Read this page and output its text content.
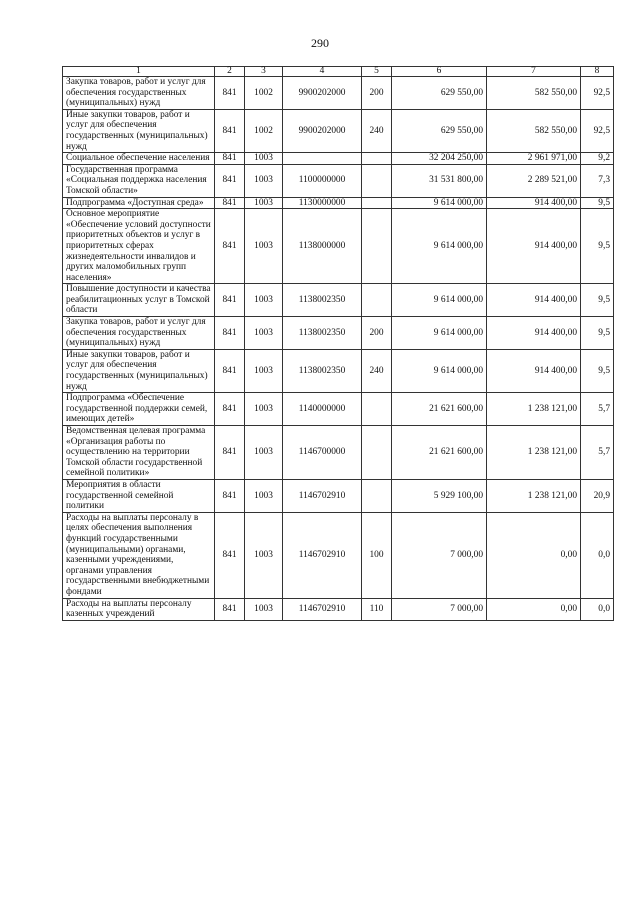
290
1	2	3	4	5	6	7	8
Закупка товаров, работ и услуг для обеспечения государственных (муниципальных) нужд	841	1002	9900202000	200	629 550,00	582 550,00	92,5
Иные закупки товаров, работ и услуг для обеспечения государственных (муниципальных) нужд	841	1002	9900202000	240	629 550,00	582 550,00	92,5
Социальное обеспечение населения	841	1003			32 204 250,00	2 961 971,00	9,2
Государственная программа «Социальная поддержка населения Томской области»	841	1003	1100000000		31 531 800,00	2 289 521,00	7,3
Подпрограмма «Доступная среда»	841	1003	1130000000		9 614 000,00	914 400,00	9,5
Основное мероприятие «Обеспечение условий доступности приоритетных объектов и услуг в приоритетных сферах жизнедеятельности инвалидов и других маломобильных групп населения»	841	1003	1138000000		9 614 000,00	914 400,00	9,5
Повышение доступности и качества реабилитационных услуг в Томской области	841	1003	1138002350		9 614 000,00	914 400,00	9,5
Закупка товаров, работ и услуг для обеспечения государственных (муниципальных) нужд	841	1003	1138002350	200	9 614 000,00	914 400,00	9,5
Иные закупки товаров, работ и услуг для обеспечения государственных (муниципальных) нужд	841	1003	1138002350	240	9 614 000,00	914 400,00	9,5
Подпрограмма «Обеспечение государственной поддержки семей, имеющих детей»	841	1003	1140000000		21 621 600,00	1 238 121,00	5,7
Ведомственная целевая программа «Организация работы по осуществлению на территории Томской области государственной семейной политики»	841	1003	1146700000		21 621 600,00	1 238 121,00	5,7
Мероприятия в области государственной семейной политики	841	1003	1146702910		5 929 100,00	1 238 121,00	20,9
Расходы на выплаты персоналу в целях обеспечения выполнения функций государственными (муниципальными) органами, казенными учреждениями, органами управления государственными внебюджетными фондами	841	1003	1146702910	100	7 000,00	0,00	0,0
Расходы на выплаты персоналу казенных учреждений	841	1003	1146702910	110	7 000,00	0,00	0,0
